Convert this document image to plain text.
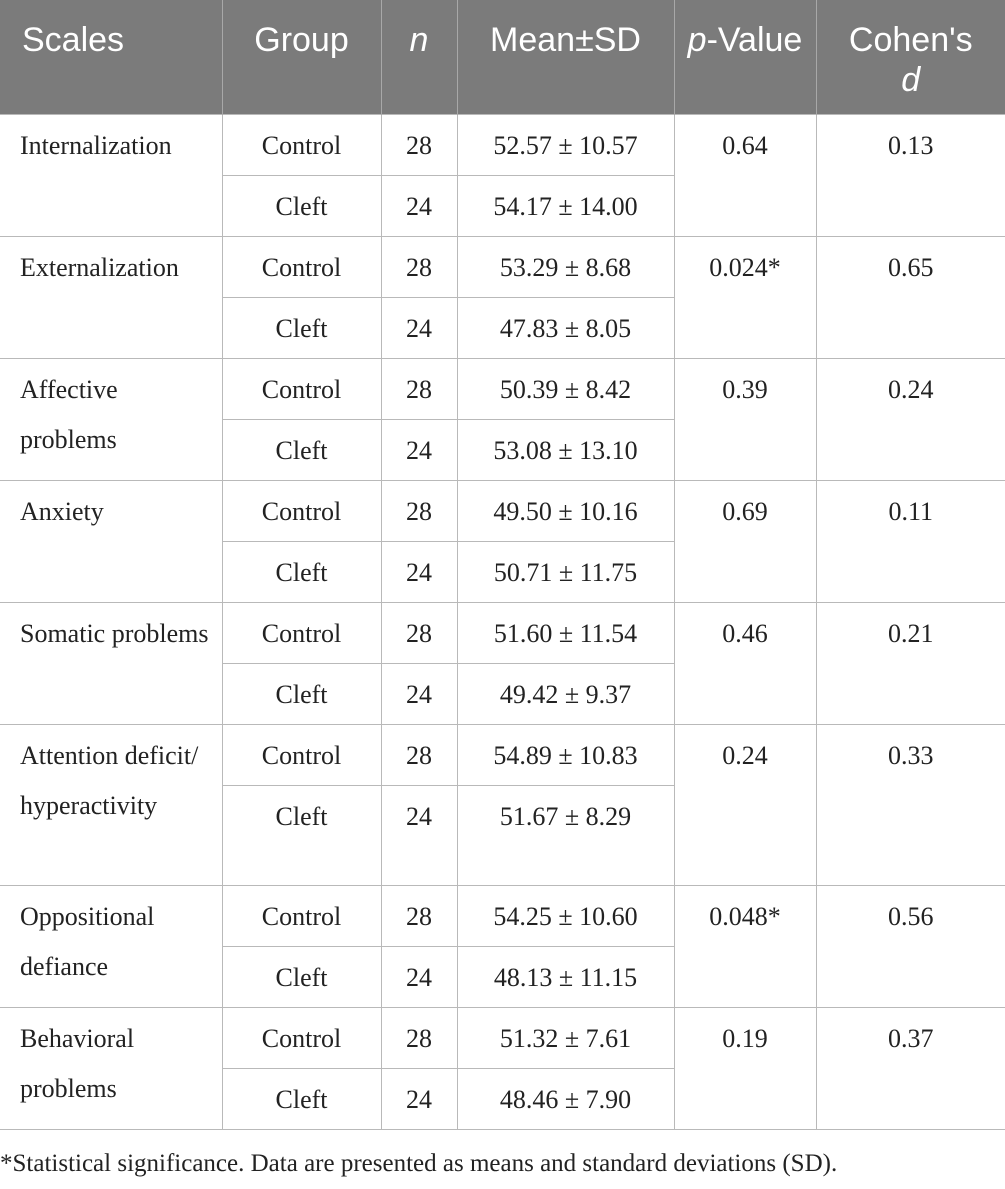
Scales	Group	n	Mean±SD	p-Value	Cohen's
d

Internalization	Control	28	52.57 ± 10.57	0.64	0.13
	Cleft	24	54.17 ± 14.00		

Externalization	Control	28	53.29 ± 8.68	0.024*	0.65
	Cleft	24	47.83 ± 8.05		

Affective problems	Control	28	50.39 ± 8.42	0.39	0.24
	Cleft	24	53.08 ± 13.10		

Anxiety	Control	28	49.50 ± 10.16	0.69	0.11
	Cleft	24	50.71 ± 11.75		

Somatic problems	Control	28	51.60 ± 11.54	0.46	0.21
	Cleft	24	49.42 ± 9.37		

Attention deficit/ hyperactivity	Control	28	54.89 ± 10.83	0.24	0.33
	Cleft	24	51.67 ± 8.29		

Oppositional defiance	Control	28	54.25 ± 10.60	0.048*	0.56
	Cleft	24	48.13 ± 11.15		

Behavioral problems	Control	28	51.32 ± 7.61	0.19	0.37
	Cleft	24	48.46 ± 7.90		
*Statistical significance. Data are presented as means and standard deviations (SD).
